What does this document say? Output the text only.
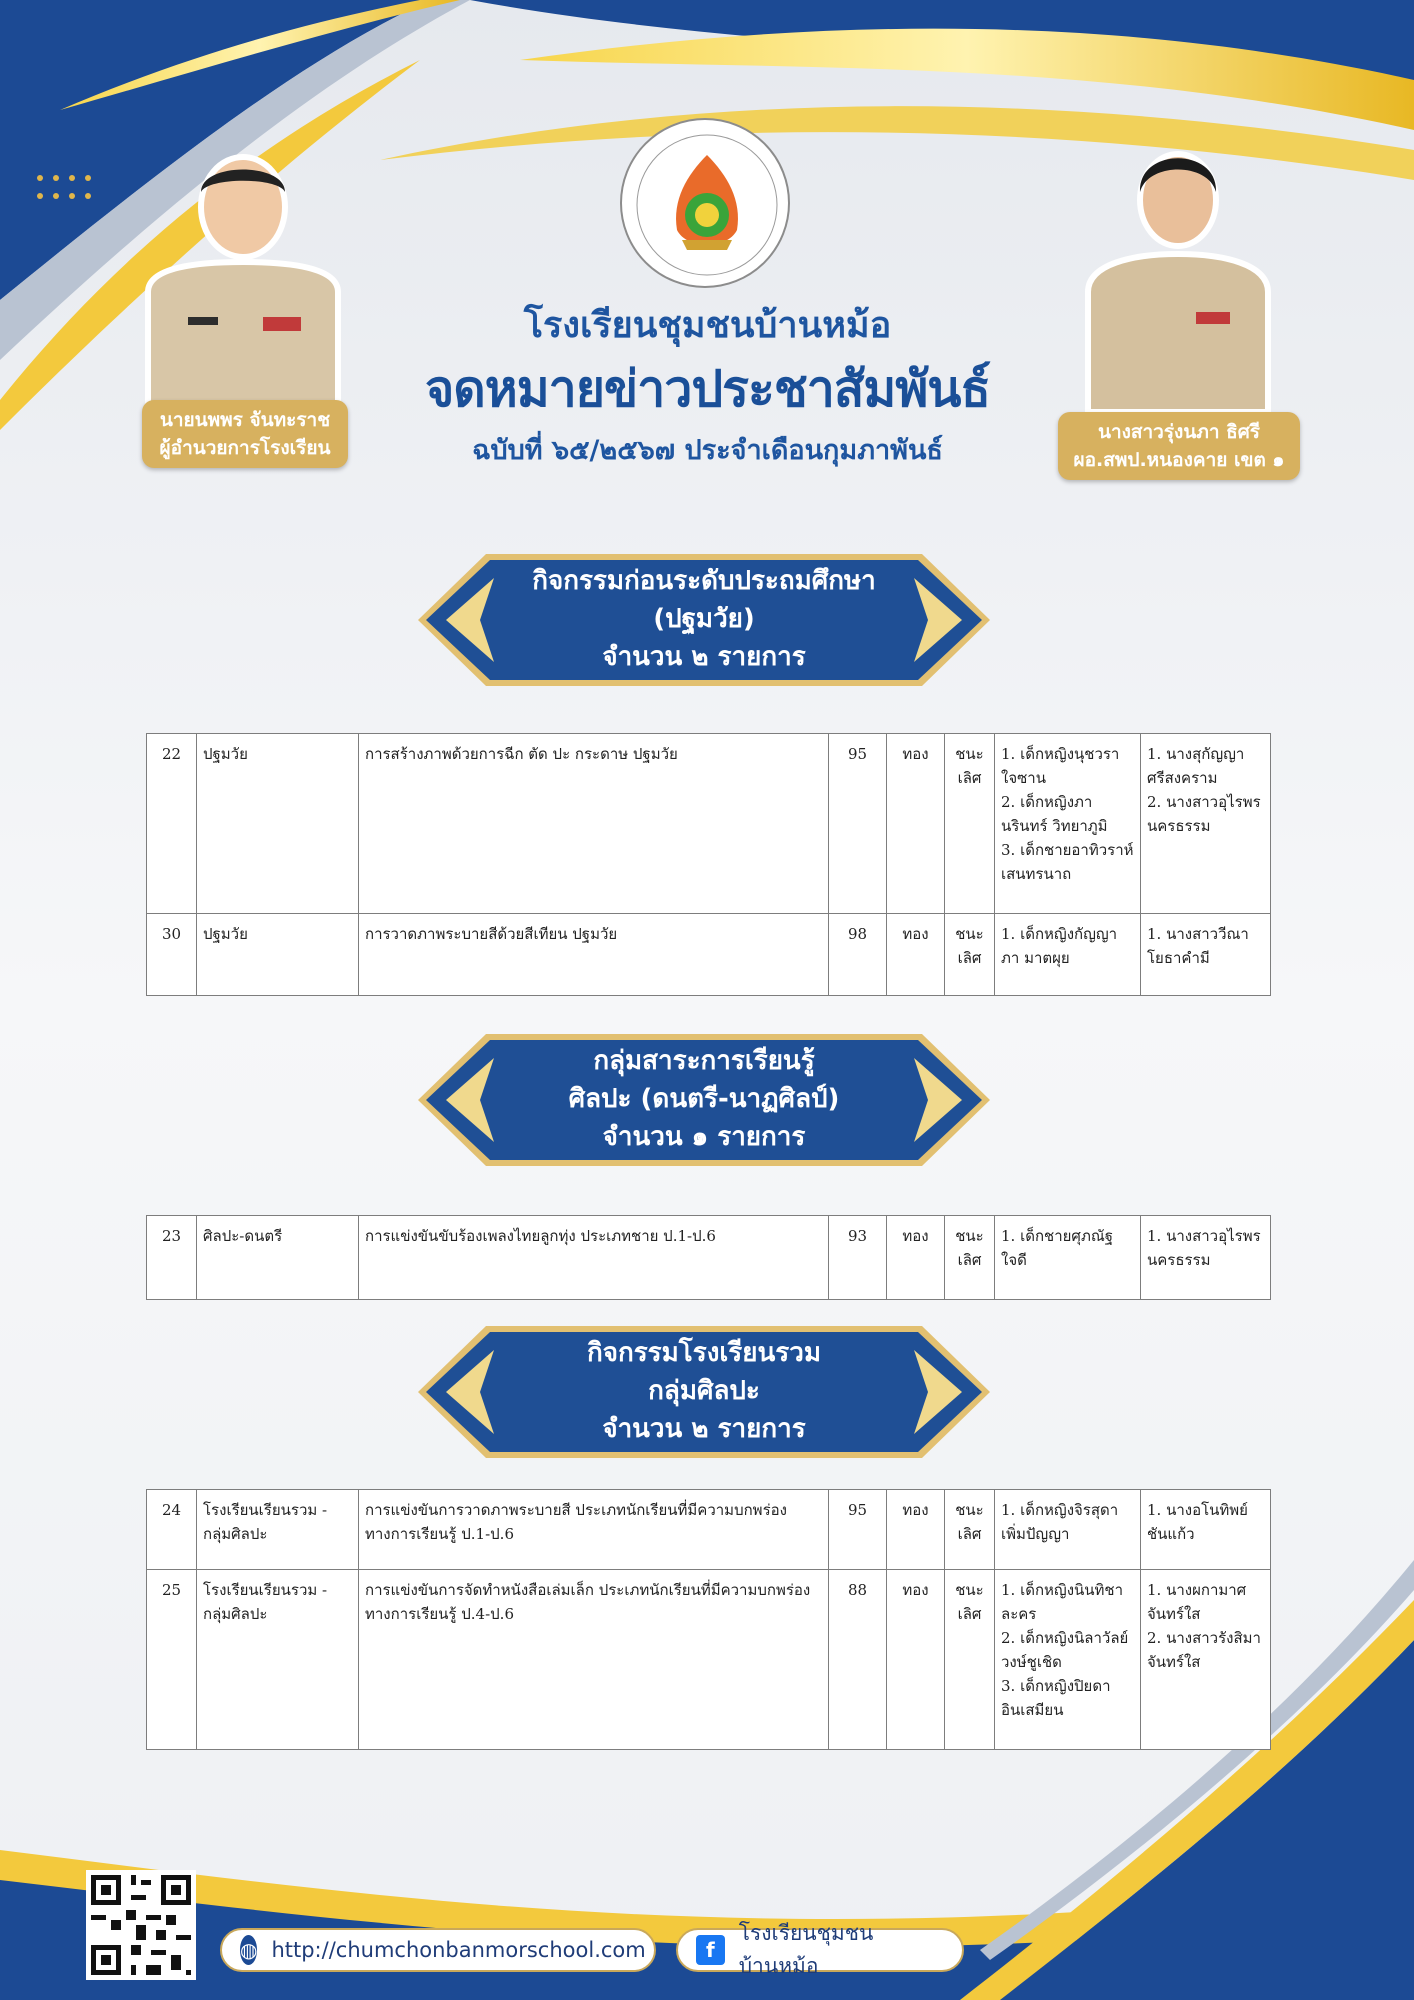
โรงเรียนชุมชนบ้านหม้อ
จดหมายข่าวประชาสัมพันธ์
ฉบับที่ ๖๕/๒๕๖๗ ประจำเดือนกุมภาพันธ์
นายนพพร จันทะราช
ผู้อำนวยการโรงเรียน
นางสาวรุ่งนภา ธิศรี
ผอ.สพป.หนองคาย เขต ๑
กิจกรรมก่อนระดับประถมศึกษา
(ปฐมวัย)
จำนวน ๒ รายการ
22	ปฐมวัย	การสร้างภาพด้วยการฉีก ตัด ปะ กระดาษ ปฐมวัย	95	ทอง	ชนะเลิศ	1. เด็กหญิงนุชวรา ใจซาน
2. เด็กหญิงภานรินทร์ วิทยาภูมิ
3. เด็กชายอาทิวราห์ เสนทรนาถ	1. นางสุกัญญา ศรีสงคราม
2. นางสาวอุไรพร นครธรรม
30	ปฐมวัย	การวาดภาพระบายสีด้วยสีเทียน ปฐมวัย	98	ทอง	ชนะเลิศ	1. เด็กหญิงกัญญาภา มาตผุย	1. นางสาววีณา โยธาคำมี
กลุ่มสาระการเรียนรู้
ศิลปะ (ดนตรี-นาฏศิลป์)
จำนวน ๑ รายการ
23	ศิลปะ-ดนตรี	การแข่งขันขับร้องเพลงไทยลูกทุ่ง ประเภทชาย ป.1-ป.6	93	ทอง	ชนะเลิศ	1. เด็กชายศุภณัฐ ใจดี	1. นางสาวอุไรพร นครธรรม
กิจกรรมโรงเรียนรวม
กลุ่มศิลปะ
จำนวน ๒ รายการ
24	โรงเรียนเรียนรวม - กลุ่มศิลปะ	การแข่งขันการวาดภาพระบายสี ประเภทนักเรียนที่มีความบกพร่องทางการเรียนรู้ ป.1-ป.6	95	ทอง	ชนะเลิศ	1. เด็กหญิงจิรสุดา เพิ่มปัญญา	1. นางอโนทิพย์ ชันแก้ว
25	โรงเรียนเรียนรวม - กลุ่มศิลปะ	การแข่งขันการจัดทำหนังสือเล่มเล็ก ประเภทนักเรียนที่มีความบกพร่องทางการเรียนรู้ ป.4-ป.6	88	ทอง	ชนะเลิศ	1. เด็กหญิงนินทิชา ละคร
2. เด็กหญิงนิลาวัลย์ วงษ์ชูเชิด
3. เด็กหญิงปิยดา อินเสมียน	1. นางผกามาศ จันทร์ใส
2. นางสาวรังสิมา จันทร์ใส
◍ http://chumchonbanmorschool.com	f
โรงเรียนชุมชนบ้านหม้อ
